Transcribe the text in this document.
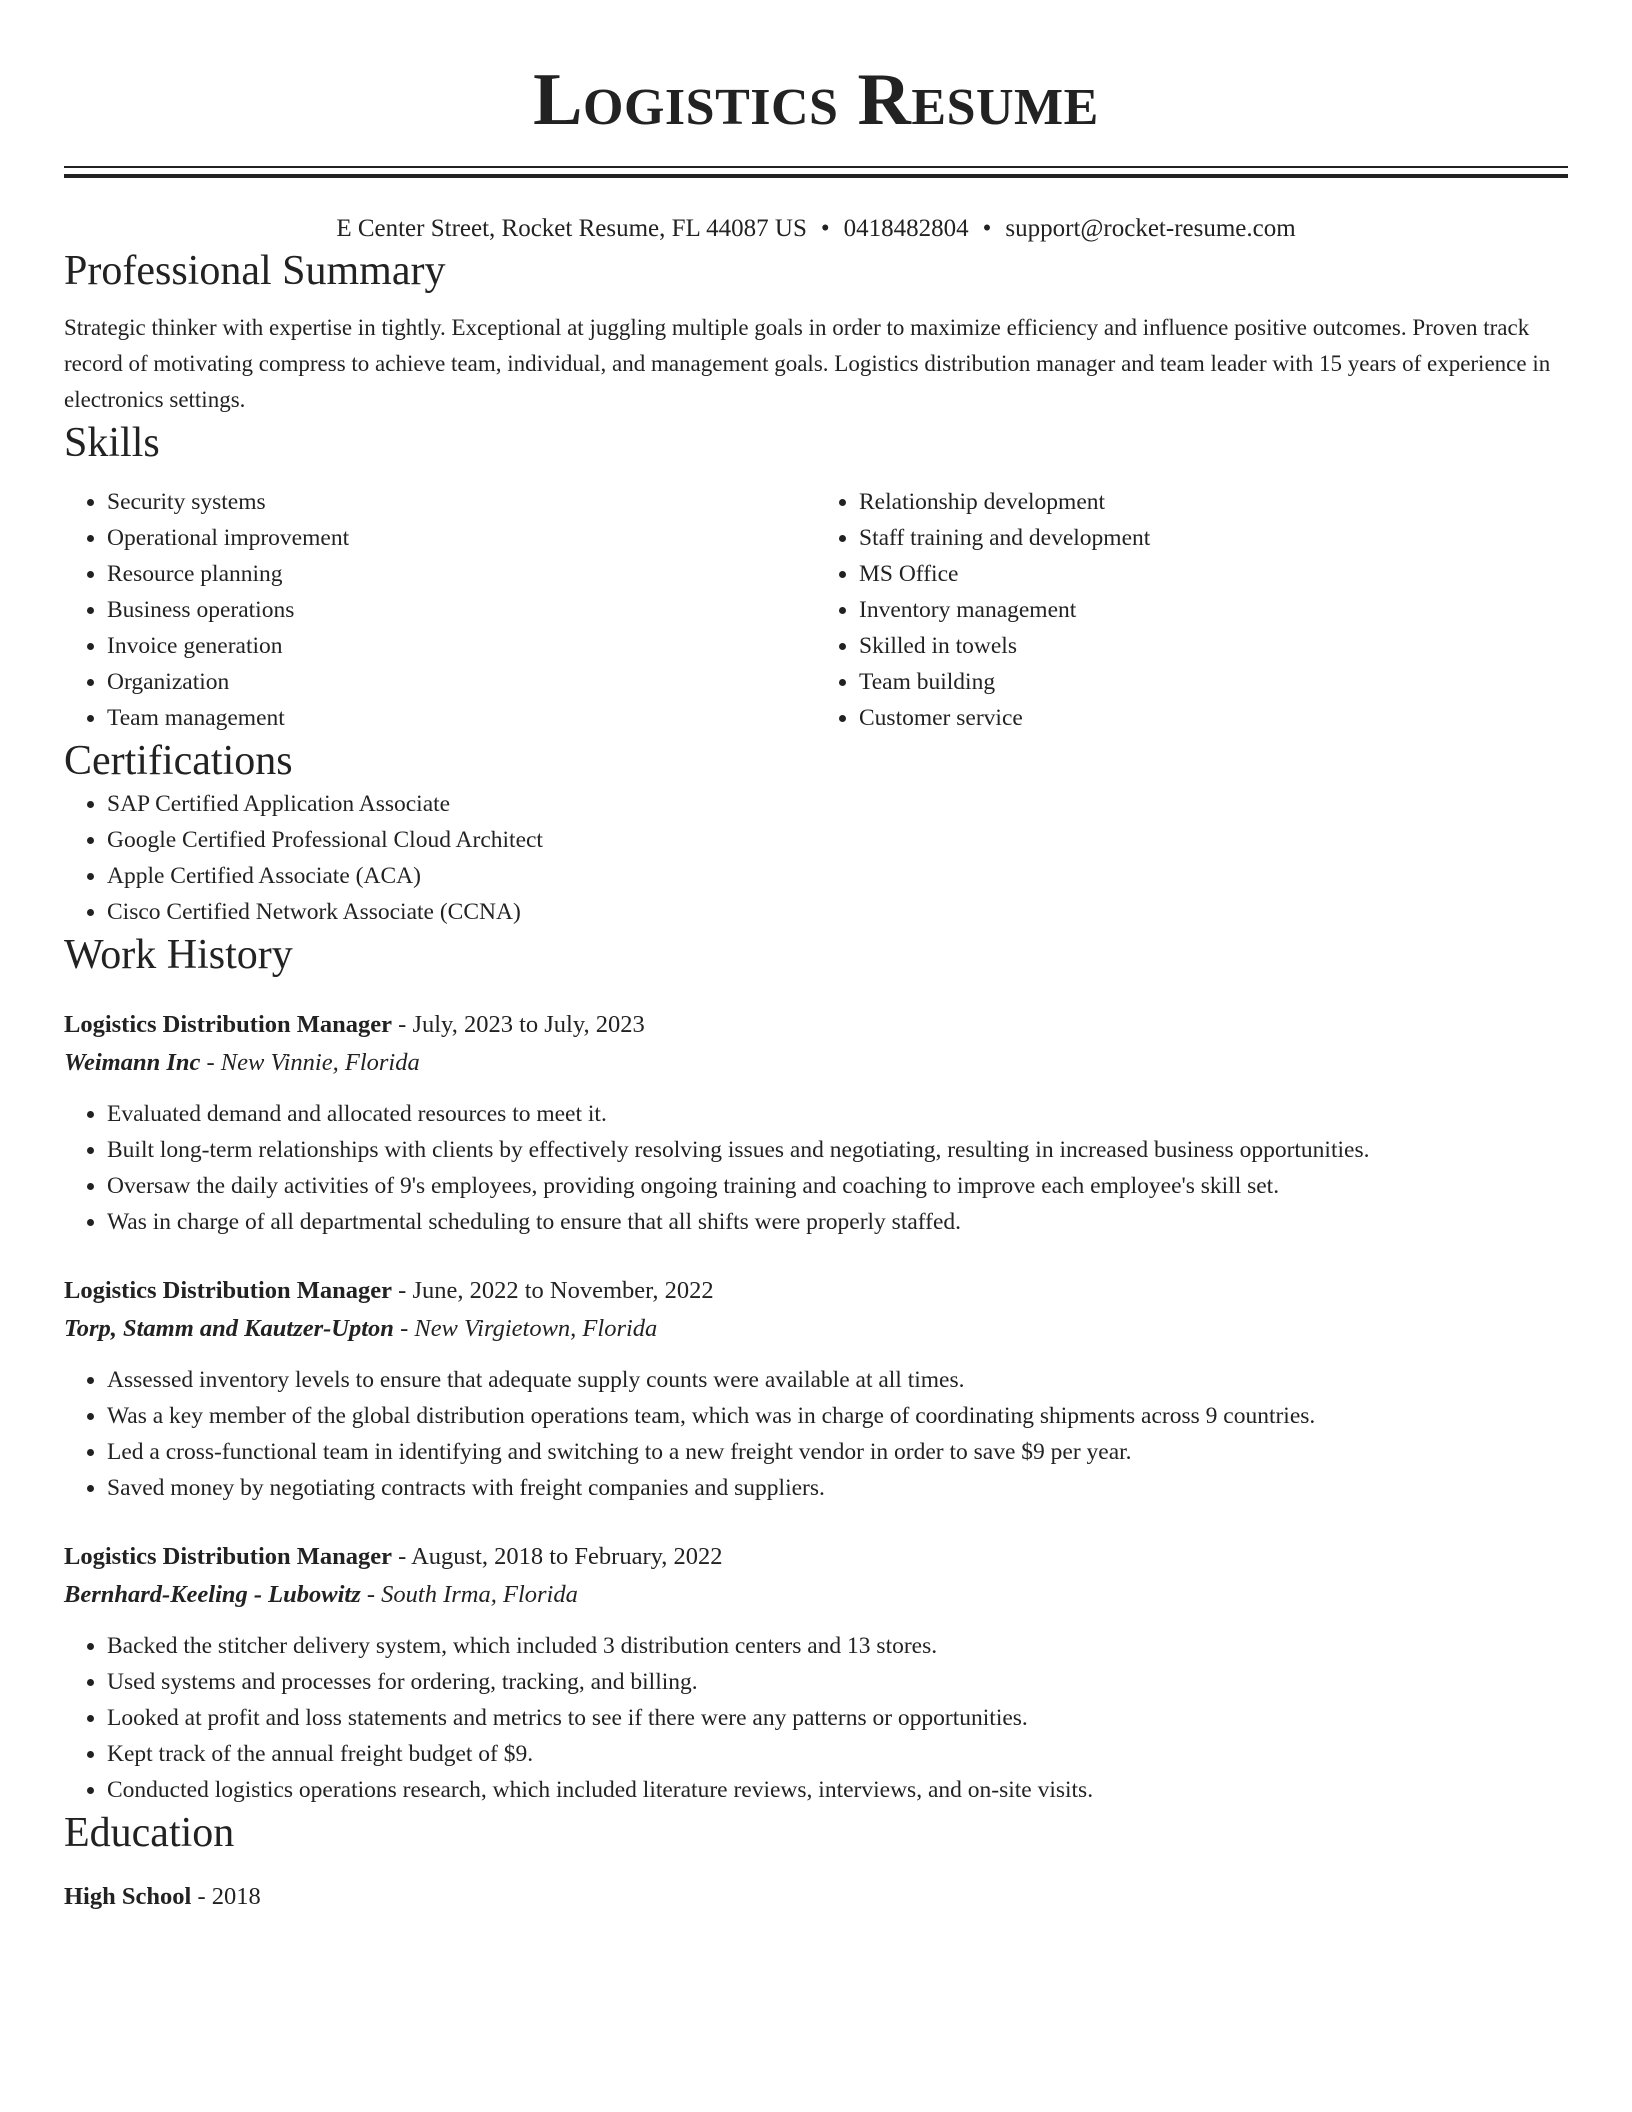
Logistics Resume
E Center Street, Rocket Resume, FL 44087 US • 0418482804 • support@rocket-resume.com
Professional Summary

Strategic thinker with expertise in tightly. Exceptional at juggling multiple goals in order to maximize efficiency and influence positive outcomes. Proven track record of motivating compress to achieve team, individual, and management goals. Logistics distribution manager and team leader with 15 years of experience in electronics settings.

Skills
• Security systems
• Operational improvement
• Resource planning
• Business operations
• Invoice generation
• Organization
• Team management
• Relationship development
• Staff training and development
• MS Office
• Inventory management
• Skilled in towels
• Team building
• Customer service
Certifications
• SAP Certified Application Associate
• Google Certified Professional Cloud Architect
• Apple Certified Associate (ACA)
• Cisco Certified Network Associate (CCNA)
Work History
Logistics Distribution Manager - July, 2023 to July, 2023
Weimann Inc - New Vinnie, Florida
• Evaluated demand and allocated resources to meet it.
• Built long-term relationships with clients by effectively resolving issues and negotiating, resulting in increased business opportunities.
• Oversaw the daily activities of 9's employees, providing ongoing training and coaching to improve each employee's skill set.
• Was in charge of all departmental scheduling to ensure that all shifts were properly staffed.
Logistics Distribution Manager - June, 2022 to November, 2022
Torp, Stamm and Kautzer-Upton - New Virgietown, Florida
• Assessed inventory levels to ensure that adequate supply counts were available at all times.
• Was a key member of the global distribution operations team, which was in charge of coordinating shipments across 9 countries.
• Led a cross-functional team in identifying and switching to a new freight vendor in order to save $9 per year.
• Saved money by negotiating contracts with freight companies and suppliers.
Logistics Distribution Manager - August, 2018 to February, 2022
Bernhard-Keeling - Lubowitz - South Irma, Florida
• Backed the stitcher delivery system, which included 3 distribution centers and 13 stores.
• Used systems and processes for ordering, tracking, and billing.
• Looked at profit and loss statements and metrics to see if there were any patterns or opportunities.
• Kept track of the annual freight budget of $9.
• Conducted logistics operations research, which included literature reviews, interviews, and on-site visits.
Education
High School - 2018
